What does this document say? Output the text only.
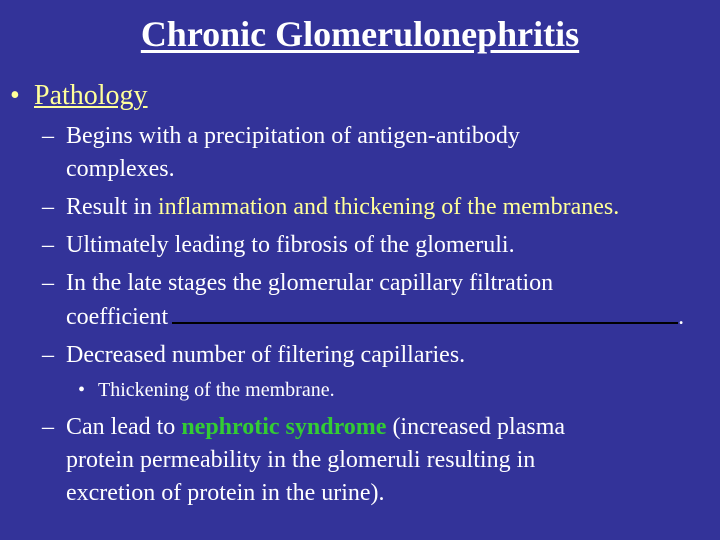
Chronic Glomerulonephritis
• Pathology
– Begins with a precipitation of antigen-antibody
complexes.
– Result in inflammation and thickening of the membranes.
– Ultimately leading to fibrosis of the glomeruli.
– In the late stages the glomerular capillary filtration
coefficient	.
– Decreased number of filtering capillaries.
• Thickening of the membrane.
– Can lead to nephrotic syndrome (increased plasma
protein permeability in the glomeruli resulting in
excretion of protein in the urine).
